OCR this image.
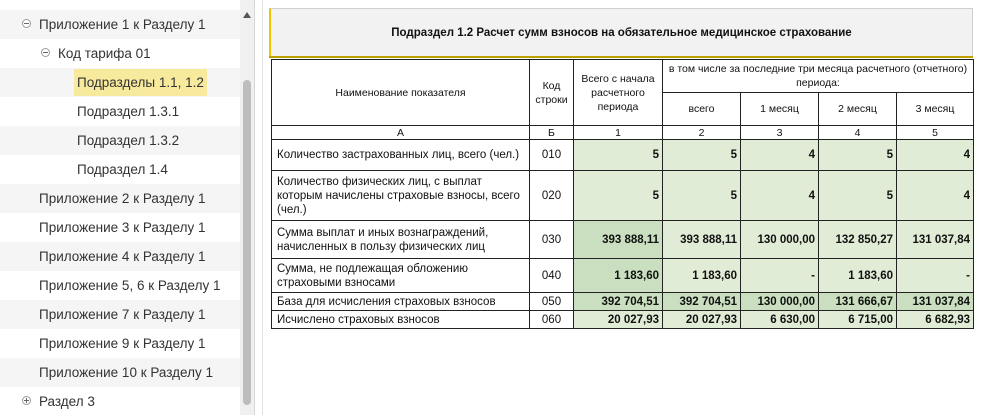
Приложение 1 к Разделу 1
Код тарифа 01
Подразделы 1.1, 1.2
Подраздел 1.3.1
Подраздел 1.3.2
Подраздел 1.4
Приложение 2 к Разделу 1
Приложение 3 к Разделу 1
Приложение 4 к Разделу 1
Приложение 5, 6 к Разделу 1
Приложение 7 к Разделу 1
Приложение 9 к Разделу 1
Приложение 10 к Разделу 1
Раздел 3
Подраздел 1.2 Расчет сумм взносов на обязательное медицинское страхование
Наименование показателя	Код строки	Всего с начала расчетного периода	в том числе за последние три месяца расчетного (отчетного) периода:			
			всего	1 месяц	2 месяц	3 месяц
А	Б	1	2	3	4	5
Количество застрахованных лиц, всего (чел.)	010	5	5	4	5	4
Количество физических лиц, с выплат которым начислены страховые взносы, всего (чел.)	020	5	5	4	5	4
Сумма выплат и иных вознаграждений, начисленных в пользу физических лиц	030	393 888,11	393 888,11	130 000,00	132 850,27	131 037,84
Сумма, не подлежащая обложению страховыми взносами	040	1 183,60	1 183,60	-	1 183,60	-
База для исчисления страховых взносов	050	392 704,51	392 704,51	130 000,00	131 666,67	131 037,84
Исчислено страховых взносов	060	20 027,93	20 027,93	6 630,00	6 715,00	6 682,93
